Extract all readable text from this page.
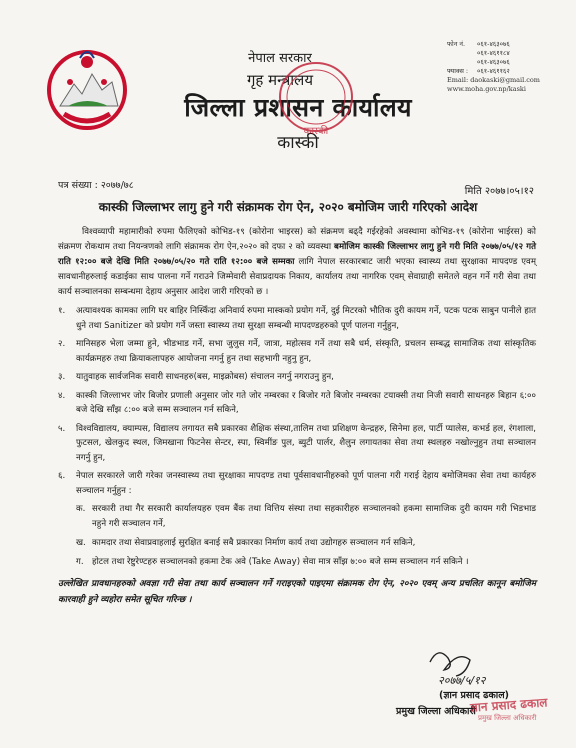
नेपाल सरकार
गृह मन्त्रालय
जिल्ला प्रशासन कार्यालय
कास्की
कास्की
फोन नं.	०६१-४६३०७६
०६१-४६११८४
०६१-४६३०७६
फ्याक्स :	०६१-४६११६२
Email: daokaski@gmail.com
www.moha.gov.np/kaski
पत्र संख्या : २०७७/७८
मिति २०७७।०५।१२
कास्की जिल्लाभर लागु हुने गरी संक्रामक रोग ऐन, २०२० बमोजिम जारी गरिएको आदेश

विश्वव्यापी महामारीको रुपमा फैलिएको कोभिड-१९ (कोरोना भाइरस) को संक्रमण बढ्दै गईरहेको अवस्थामा कोभिड-१९ (कोरोना भाईरस) को संक्रमण रोकथाम तथा नियन्त्रणको लागि संक्रामक रोग ऐन,२०२० को दफा २ को व्यवस्था बमोजिम कास्की जिल्लाभर लागु हुने गरी मिति २०७७/०५/१२ गते राति १२:०० बजे देखि मिति २०७७/०५/२० गते राति १२:०० बजे सम्मका लागि नेपाल सरकारबाट जारी भएका स्वास्थ्य तथा सुरक्षाका मापदण्ड एवम् सावधानीहरुलाई कडाईका साथ पालना गर्ने गराउने जिम्मेवारी सेवाप्रदायक निकाय, कार्यालय तथा नागरिक एवम् सेवाग्राही समेतले वहन गर्ने गरी सेवा तथा कार्य सञ्चालनका सम्बन्धमा देहाय अनुसार आदेश जारी गरिएको छ ।

१.	अत्यावश्यक कामका लागि घर बाहिर निस्किँदा अनिवार्य रुपमा मास्कको प्रयोग गर्ने, दुई मिटरको भौतिक दुरी कायम गर्ने, पटक पटक साबुन पानीले हात धुने तथा Sanitizer को प्रयोग गर्ने जस्ता स्वास्थ्य तथा सुरक्षा सम्बन्धी मापदण्डहरुको पूर्ण पालना गर्नुहुन,
२.	मानिसहरु भेला जम्मा हुने, भीडभाड गर्ने, सभा जुलुस गर्ने, जात्रा, महोत्सव गर्ने तथा सबै धर्म, संस्कृति, प्रचलन सम्बद्ध सामाजिक तथा सांस्कृतिक कार्यक्रमहरु तथा क्रियाकलापहरु आयोजना नगर्नु हुन तथा सहभागी नहुनु हुन,
३.	यातुवाहक सार्वजनिक सवारी साधनहरु(बस, माइक्रोबस) संचालन नगर्नु नगराउनु हुन,
४.	कास्की जिल्लाभर जोर बिजोर प्रणाली अनुसार जोर गते जोर नम्बरका र बिजोर गते बिजोर नम्बरका टयाक्सी तथा निजी सवारी साधनहरु बिहान ६:०० बजे देखि साँझ ८:०० बजे सम्म सञ्चालन गर्न सकिने,
५.	विश्वविद्यालय, क्याम्पस, विद्यालय लगायत सबै प्रकारका शैक्षिक संस्था,तालिम तथा प्रशिक्षण केन्द्रहरु, सिनेमा हल, पार्टी प्यालेस, कभर्ड हल, रंगशाला, फुटसल, खेलकुद स्थल, जिमखाना फिटनेस सेन्टर, स्पा, स्विमींङ पुल, ब्युटी पार्लर, शैलुन लगायतका सेवा तथा स्थलहरु नखोल्नुहुन तथा सञ्चालन नगर्नु हुन,
६.	नेपाल सरकारले जारी गरेका जनस्वास्थ्य तथा सुरक्षाका मापदण्ड तथा पूर्वसावधानीहरुको पूर्ण पालना गरी गराई देहाय बमोजिमका सेवा तथा कार्यहरु सञ्चालन गर्नुहुन :
क. सरकारी तथा गैर सरकारी कार्यालयहरु एवम बैंक तथा वित्तिय संस्था तथा सहकारीहरु सञ्चालनको हकमा सामाजिक दुरी कायम गरी भिडभाड नहुने गरी सञ्चालन गर्ने,
ख. कामदार तथा सेवाप्रवाहलाई सुरक्षित बनाई सबै प्रकारका निर्माण कार्य तथा उद्योगहरु सञ्चालन गर्न सकिने,
ग. होटल तथा रेष्टुरेण्टहरु सञ्चालनको हकमा टेक अवे (Take Away) सेवा मात्र साँझ ७:०० बजे सम्म सञ्चालन गर्न सकिने ।
उल्लेखित प्रावधानहरुको अवज्ञा गरी सेवा तथा कार्य सञ्चालन गर्ने गराइएको पाइएमा संक्रामक रोग ऐन, २०२० एवम् अन्य प्रचलित कानून बमोजिम कारवाही हुने व्यहोरा समेत सूचित गरिन्छ ।
२०७७/५/१२
(ज्ञान प्रसाद ढकाल)
प्रमुख जिल्ला अधिकारी
ज्ञान प्रसाद ढकाल
प्रमुख जिल्ला अधिकारी
